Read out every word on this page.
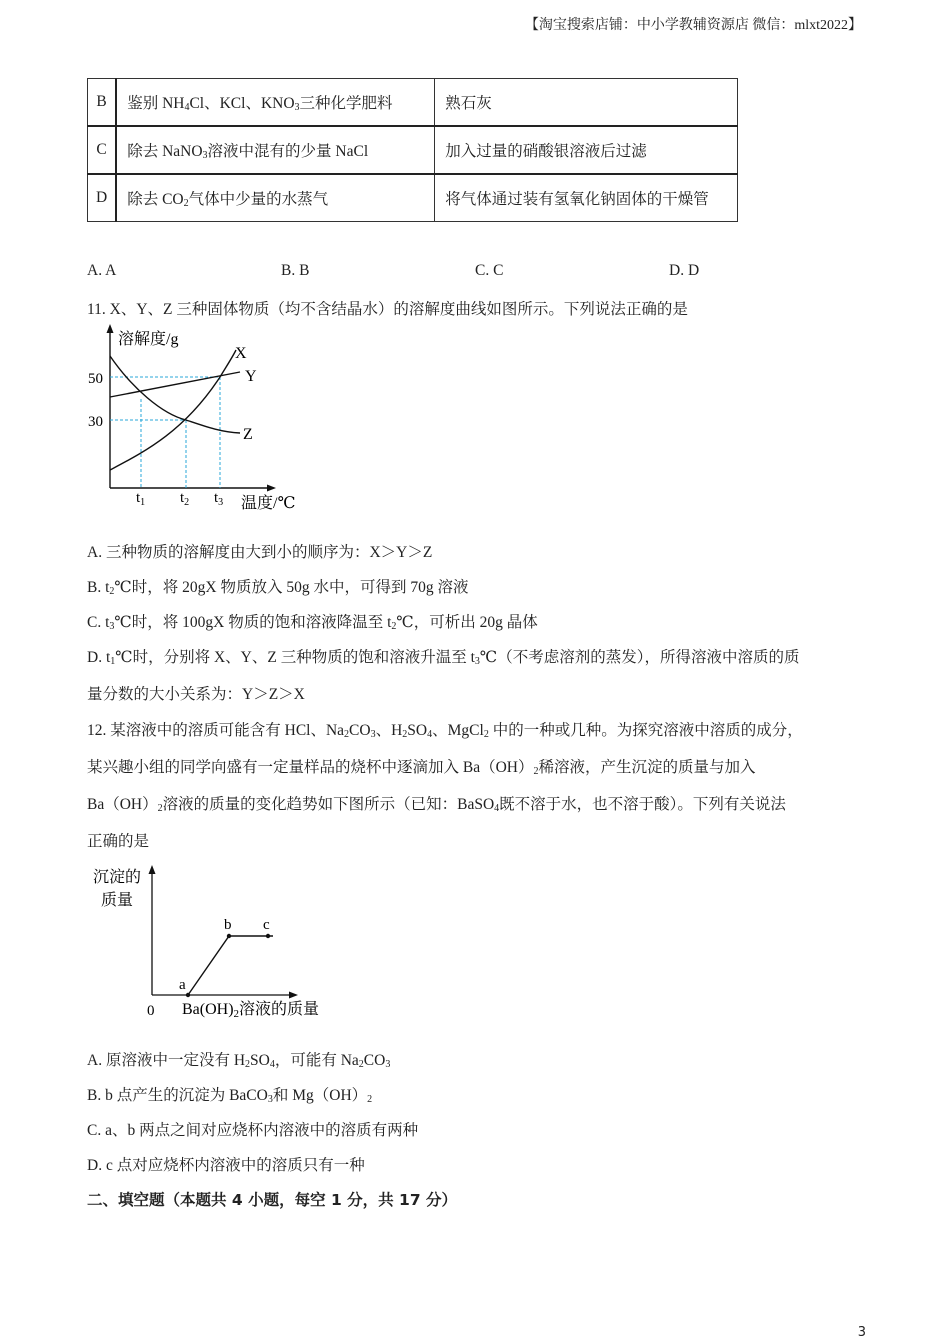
【淘宝搜索店铺：中小学教辅资源店 微信：mlxt2022】
B	鉴别 $NH_4Cl$、KCl、$KNO_3$三种化学肥料	熟石灰
C	除去 NaNO$_3$溶液中混有的少量 NaCl	加入过量的硝酸银溶液后过滤
D	除去 $CO_2$气体中少量的水蒸气	将气体通过装有氢氧化钠固体的干燥管
A. A	B. B	C. C	D. D
11. X、Y、Z 三种固体物质（均不含结晶水）的溶解度曲线如图所示。下列说法正确的是
溶解度/g
50
30
X
Y
Z
$t_1$ $t_2$ $t_3$ 温度/℃
A. 三种物质的溶解度由大到小的顺序为：X＞Y＞Z
B. $t_2℃$时，将 20gX 物质放入 50g 水中，可得到 70g 溶液
C. $t_3℃$时，将 100gX 物质的饱和溶液降温至 $t_2℃$，可析出 20g 晶体
D. $t_1℃$时，分别将 X、Y、Z 三种物质的饱和溶液升温至 $t_3℃$（不考虑溶剂的蒸发），所得溶液中溶质的质
量分数的大小关系为：Y＞Z＞X
12. 某溶液中的溶质可能含有 HCl、$Na_2CO_3$、$H_2SO_4$、MgCl$_2$ 中的一种或几种。为探究溶液中溶质的成分，
某兴趣小组的同学向盛有一定量样品的烧杯中逐滴加入 $Ba(OH)_2$稀溶液，产生沉淀的质量与加入
$Ba(OH)_2$溶液的质量的变化趋势如下图所示（已知：BaSO$_4$既不溶于水，也不溶于酸）。下列有关说法
正确的是
沉淀的
质量
a
b c
0 Ba(OH)2溶液的质量
A. 原溶液中一定没有 $H_2SO_4$，可能有 $Na_2CO_3$
B. b 点产生的沉淀为 BaCO$_3$和 $Mg(OH)_2$
C. a、b 两点之间对应烧杯内溶液中的溶质有两种
D. c 点对应烧杯内溶液中的溶质只有一种
二、填空题（本题共 4 小题，每空 1 分，共 17 分）
3
